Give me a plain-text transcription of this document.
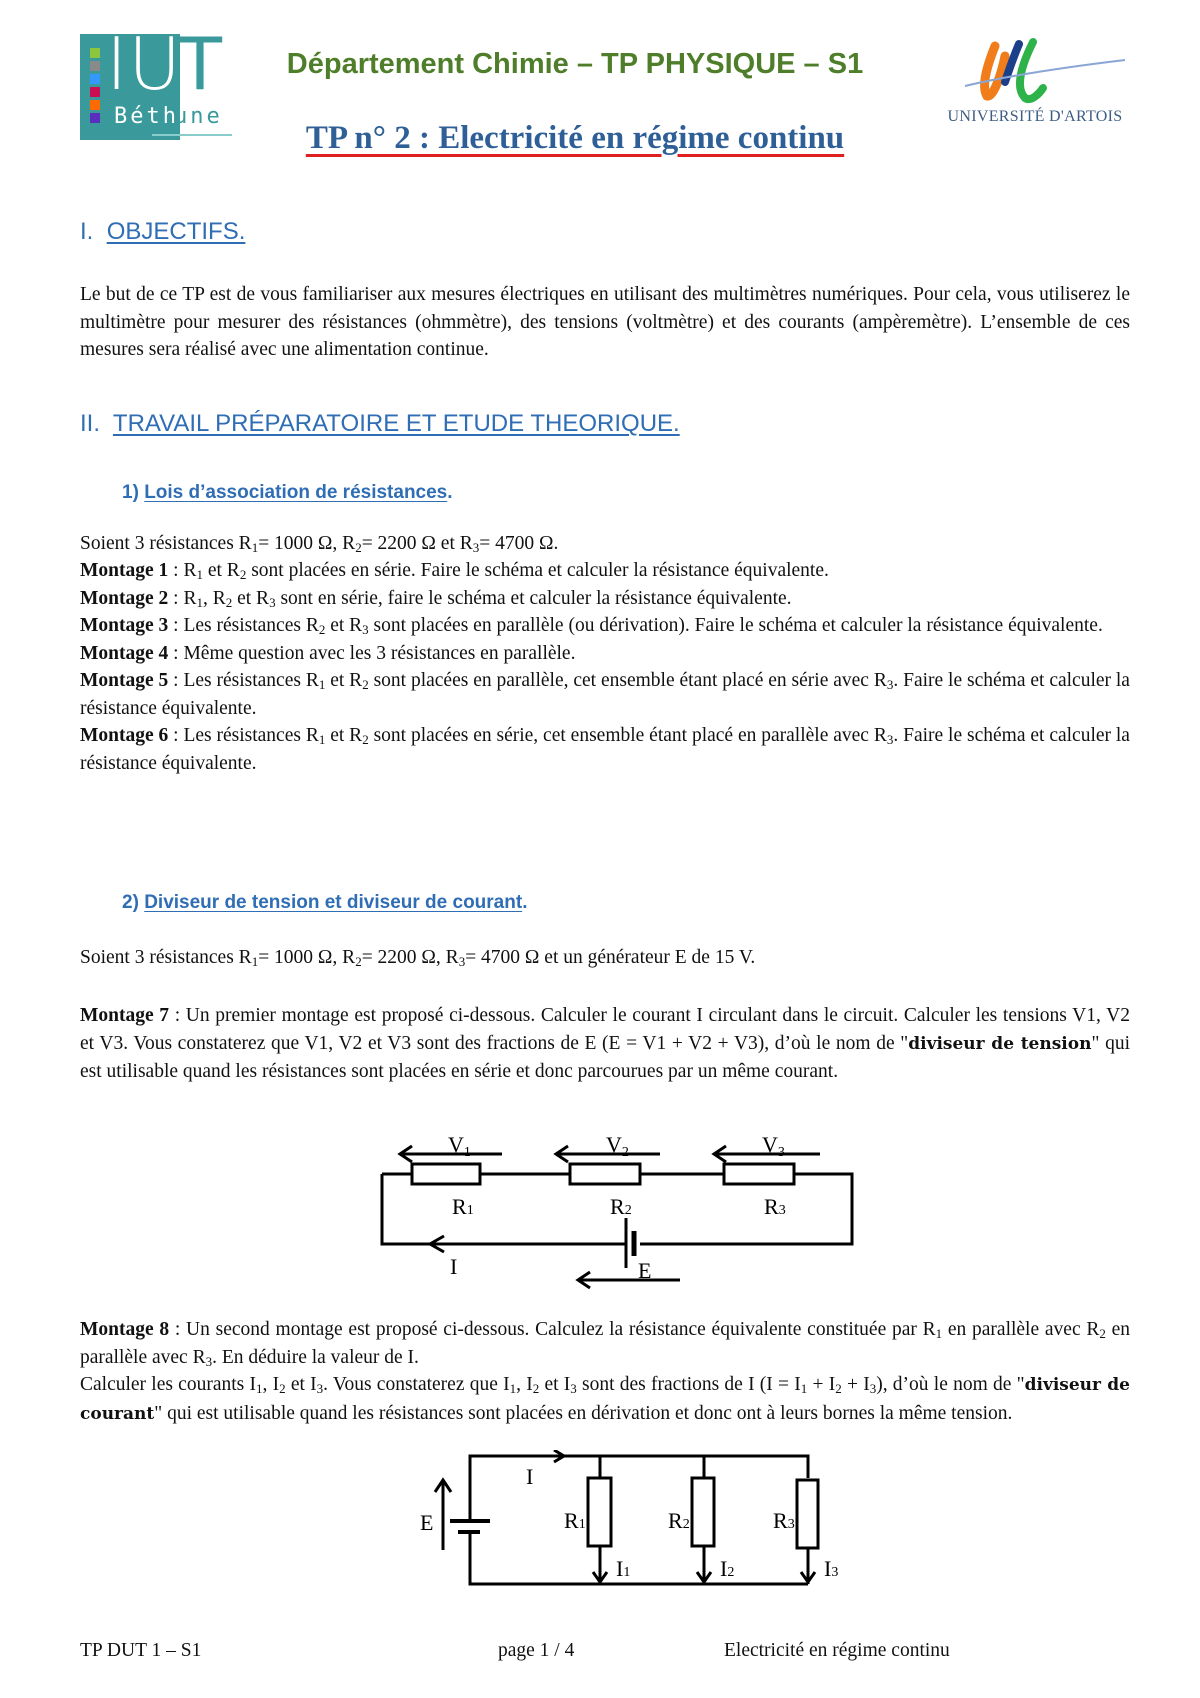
IU
T
Béth
une
Département Chimie – TP PHYSIQUE – S1
TP n° 2 : Electricité en régime continu
UNIVERSITÉ D'ARTOIS
I. OBJECTIFS.
Le but de ce TP est de vous familiariser aux mesures électriques en utilisant des multimètres numériques. Pour cela, vous utiliserez le multimètre pour mesurer des résistances (ohmmètre), des tensions (voltmètre) et des courants (ampèremètre). L’ensemble de ces mesures sera réalisé avec une alimentation continue.
II. TRAVAIL PRÉPARATOIRE ET ETUDE THEORIQUE.
1) Lois d’association de résistances.
Soient 3 résistances $R_1= 1000$ Ω, $R_2= 2200$ Ω et $R_3= 4700$ Ω.
Montage 1 : $R_1$ et $R_2$ sont placées en série. Faire le schéma et calculer la résistance équivalente.
Montage 2 : $R_1$, $R_2$ et $R_3$ sont en série, faire le schéma et calculer la résistance équivalente.
Montage 3 : Les résistances $R_2$ et $R_3$ sont placées en parallèle (ou dérivation). Faire le schéma et calculer la résistance équivalente.
Montage 4 : Même question avec les 3 résistances en parallèle.
Montage 5 : Les résistances $R_1$ et $R_2$ sont placées en parallèle, cet ensemble étant placé en série avec $R_3$. Faire le schéma et calculer la résistance équivalente.
Montage 6 : Les résistances $R_1$ et $R_2$ sont placées en série, cet ensemble étant placé en parallèle avec $R_3$. Faire le schéma et calculer la résistance équivalente.
2) Diviseur de tension et diviseur de courant.
Soient 3 résistances $R_1= 1000$ Ω, $R_2= 2200$ Ω, $R_3= 4700$ Ω et un générateur E de 15 V.
Montage 7 : Un premier montage est proposé ci-dessous. Calculer le courant I circulant dans le circuit. Calculer les tensions V1, V2 et V3. Vous constaterez que V1, V2 et V3 sont des fractions de E (E = V1 + V2 + V3), d’où le nom de "diviseur de tension" qui est utilisable quand les résistances sont placées en série et donc parcourues par un même courant.
V1	V2	V3
R1	R2	R3
I	E
Montage 8 : Un second montage est proposé ci-dessous. Calculez la résistance équivalente constituée par $R_1$ en parallèle avec $R_2$ en parallèle avec $R_3$. En déduire la valeur de I.
Calculer les courants $I_1$, $I_2$ et $I_3$. Vous constaterez que $I_1$, $I_2$ et $I_3$ sont des fractions de I $(I = I_1 + I_2 + I_3)$, d’où le nom de "diviseur de courant" qui est utilisable quand les résistances sont placées en dérivation et donc ont à leurs bornes la même tension.
E
I
R1	R2	R3
I1	I2	I3
TP DUT 1 – S1	page 1 / 4	Electricité en régime continu
